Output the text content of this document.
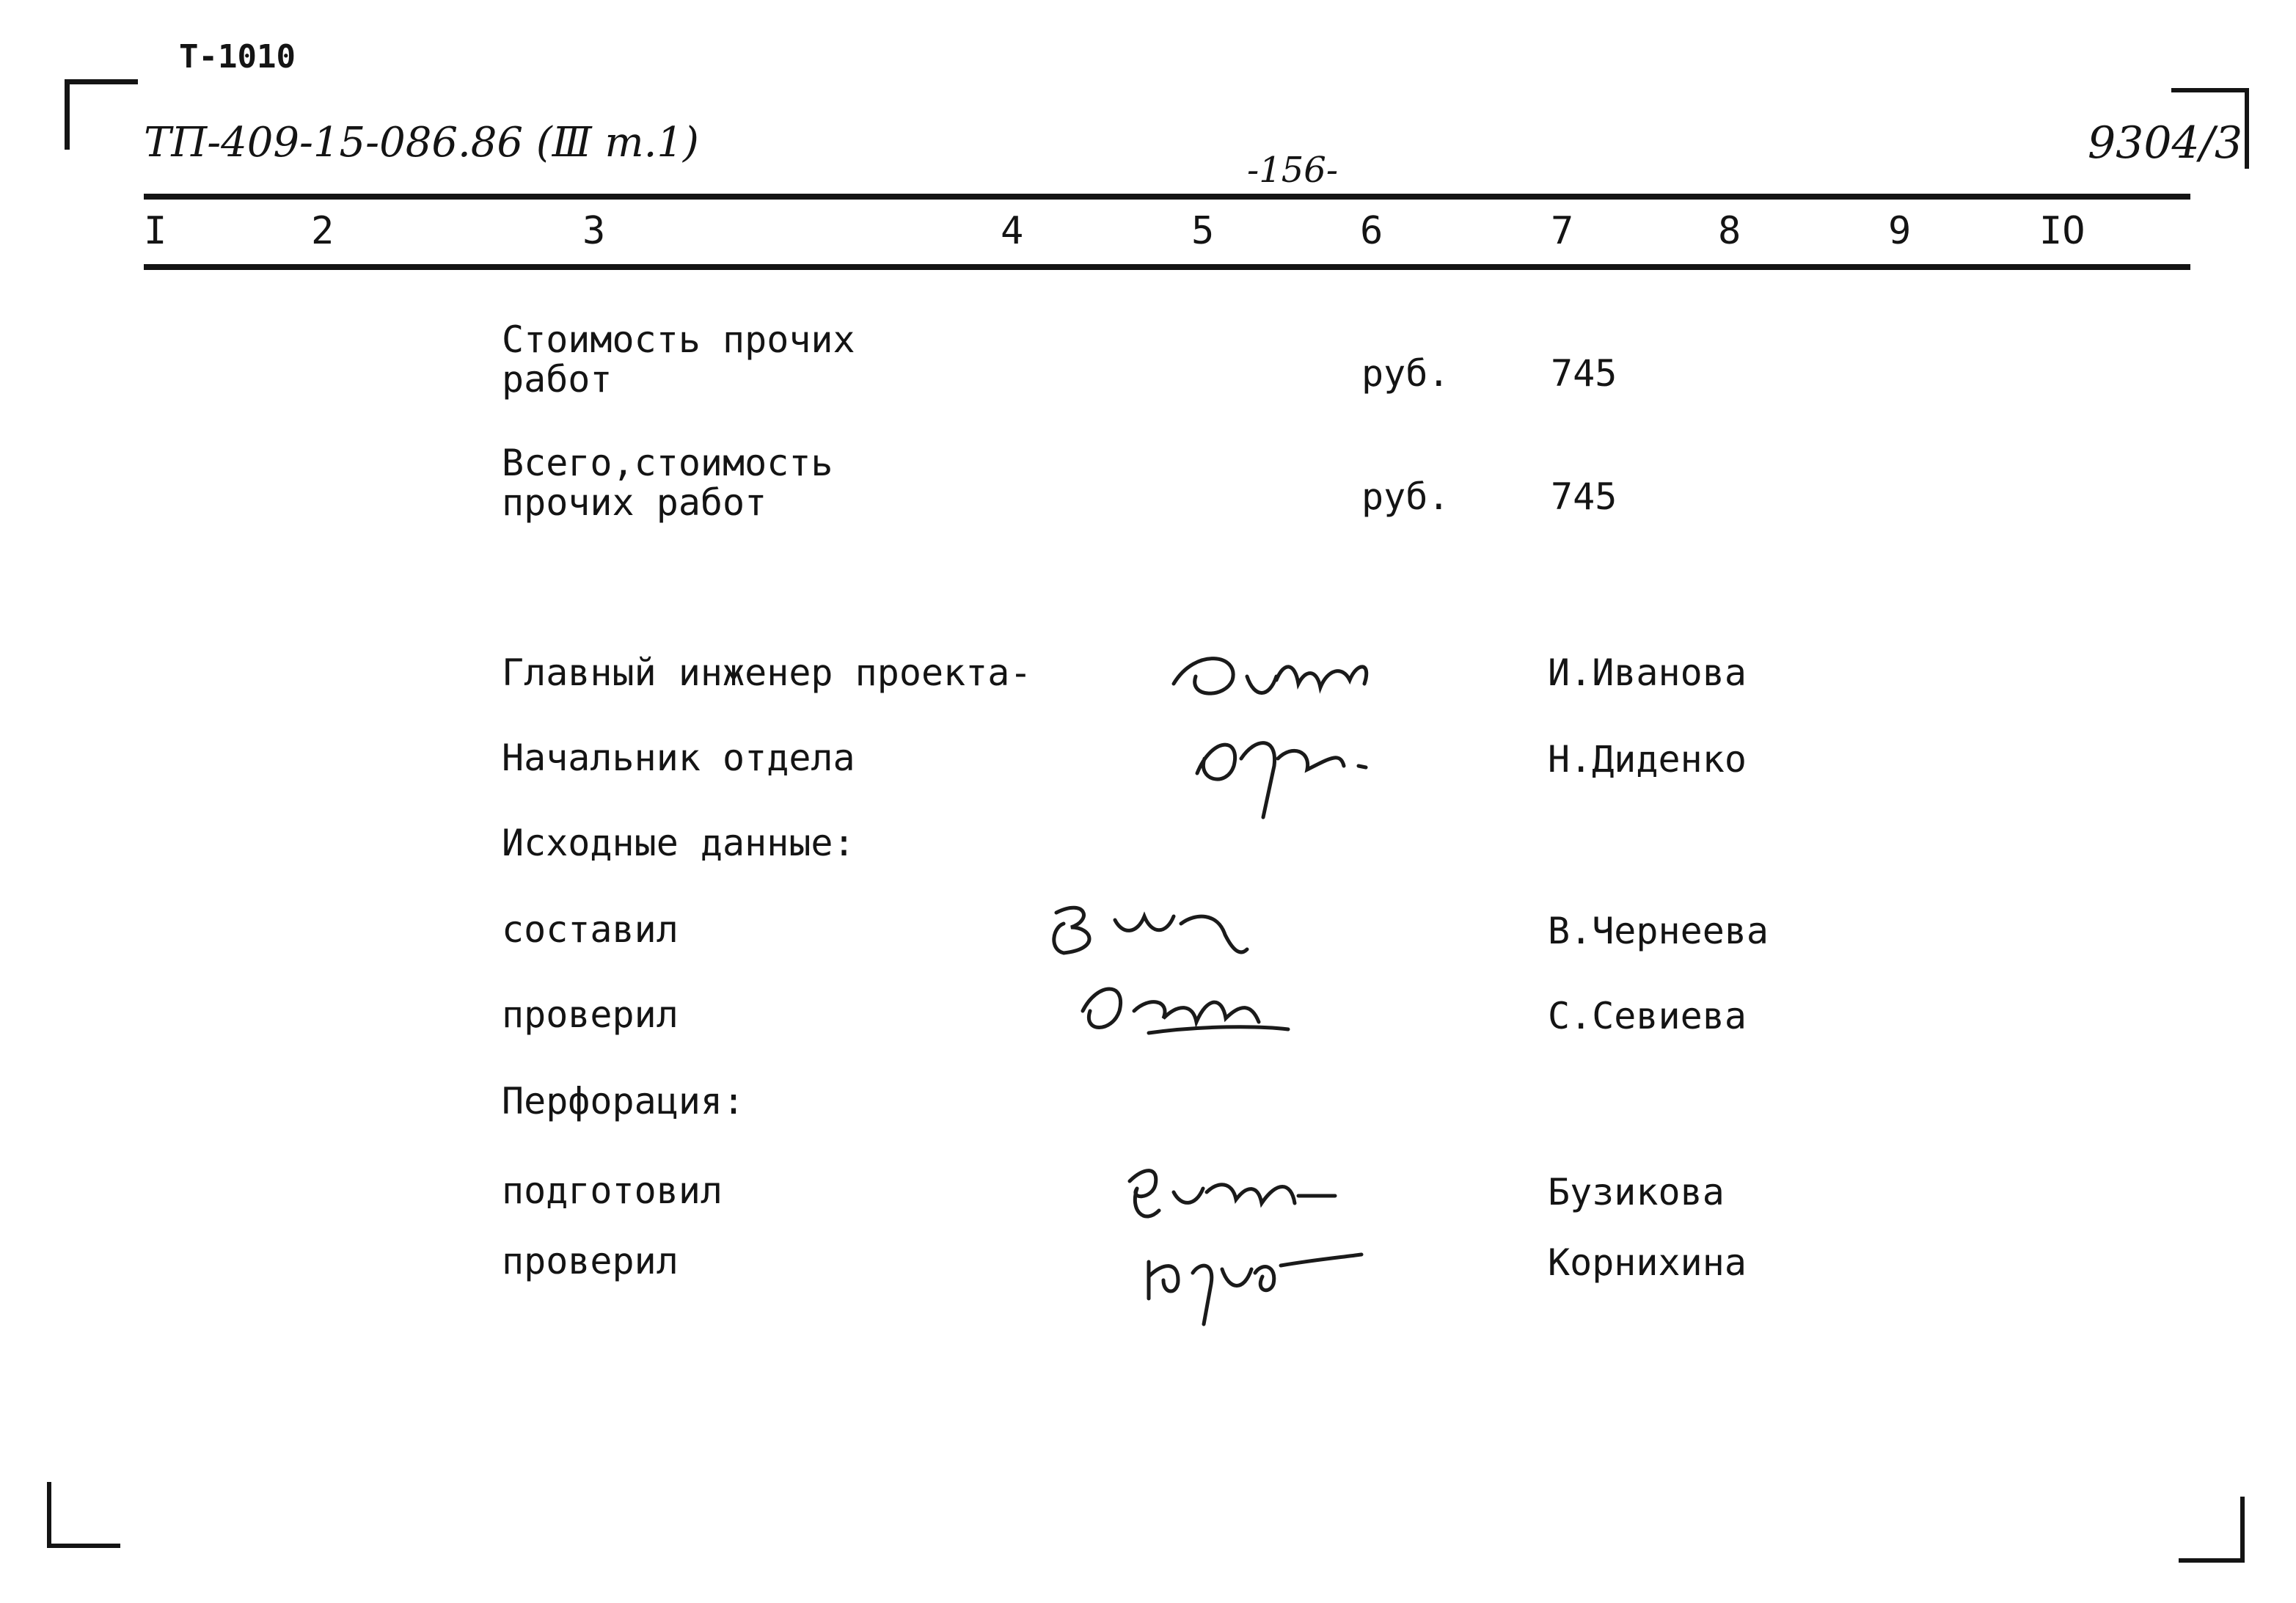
Т-1010
ТП-409-15-086.86 (Ⅲ т.1)
-156-
9304/3
I	2	3	4	5	6	7	8	9	IO
Стоимость прочих
работ	руб.	745
Всего,стоимость
прочих работ	руб.	745
Главный инженер проекта-	И.Иванова
Начальник отдела	Н.Диденко
Исходные данные:
составил	В.Чернеева
проверил	С.Севиева
Перфорация:
подготовил	Бузикова
проверил	Корнихина
